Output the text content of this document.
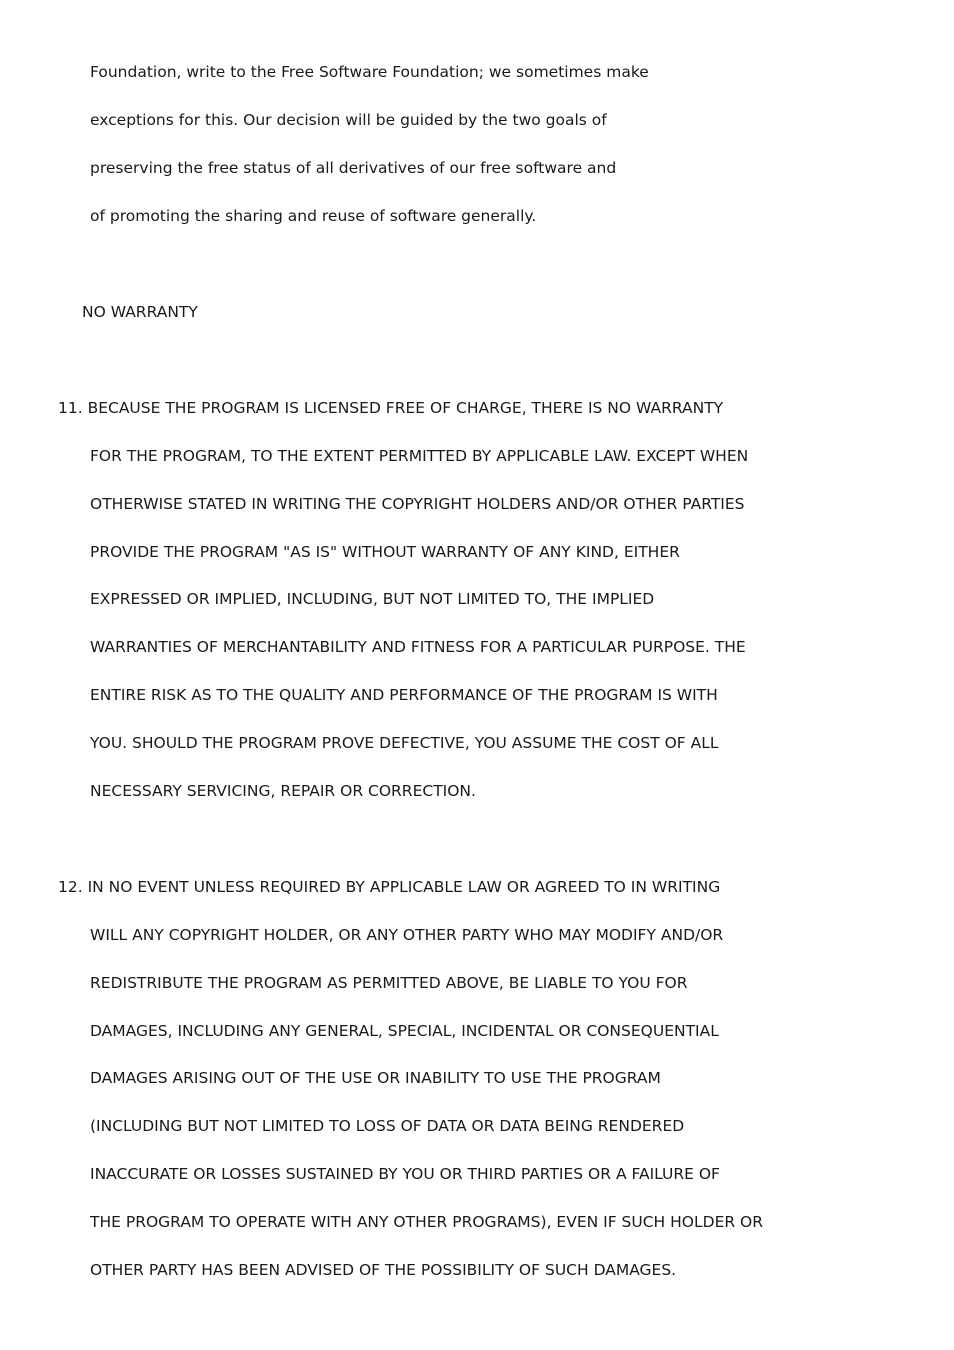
Foundation, write to the Free Software Foundation; we sometimes make

exceptions for this. Our decision will be guided by the two goals of

preserving the free status of all derivatives of our free software and

of promoting the sharing and reuse of software generally.

NO WARRANTY

11. BECAUSE THE PROGRAM IS LICENSED FREE OF CHARGE, THERE IS NO WARRANTY

FOR THE PROGRAM, TO THE EXTENT PERMITTED BY APPLICABLE LAW. EXCEPT WHEN

OTHERWISE STATED IN WRITING THE COPYRIGHT HOLDERS AND/OR OTHER PARTIES

PROVIDE THE PROGRAM "AS IS" WITHOUT WARRANTY OF ANY KIND, EITHER

EXPRESSED OR IMPLIED, INCLUDING, BUT NOT LIMITED TO, THE IMPLIED

WARRANTIES OF MERCHANTABILITY AND FITNESS FOR A PARTICULAR PURPOSE. THE

ENTIRE RISK AS TO THE QUALITY AND PERFORMANCE OF THE PROGRAM IS WITH

YOU. SHOULD THE PROGRAM PROVE DEFECTIVE, YOU ASSUME THE COST OF ALL

NECESSARY SERVICING, REPAIR OR CORRECTION.

12. IN NO EVENT UNLESS REQUIRED BY APPLICABLE LAW OR AGREED TO IN WRITING

WILL ANY COPYRIGHT HOLDER, OR ANY OTHER PARTY WHO MAY MODIFY AND/OR

REDISTRIBUTE THE PROGRAM AS PERMITTED ABOVE, BE LIABLE TO YOU FOR

DAMAGES, INCLUDING ANY GENERAL, SPECIAL, INCIDENTAL OR CONSEQUENTIAL

DAMAGES ARISING OUT OF THE USE OR INABILITY TO USE THE PROGRAM

(INCLUDING BUT NOT LIMITED TO LOSS OF DATA OR DATA BEING RENDERED

INACCURATE OR LOSSES SUSTAINED BY YOU OR THIRD PARTIES OR A FAILURE OF

THE PROGRAM TO OPERATE WITH ANY OTHER PROGRAMS), EVEN IF SUCH HOLDER OR

OTHER PARTY HAS BEEN ADVISED OF THE POSSIBILITY OF SUCH DAMAGES.
